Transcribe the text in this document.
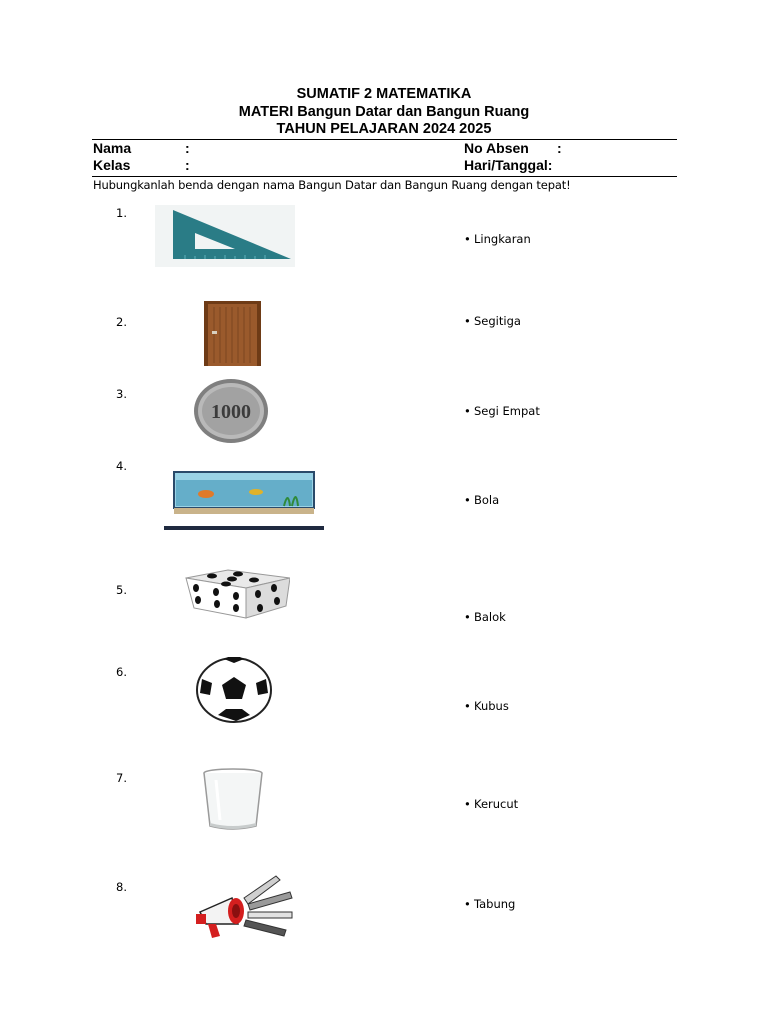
SUMATIF 2 MATEMATIKA
MATERI Bangun Datar dan Bangun Ruang
TAHUN PELAJARAN 2024 2025
Nama	:
Kelas	:
No Absen :
Hari/Tanggal:
Hubungkanlah benda dengan nama Bangun Datar dan Bangun Ruang dengan tepat!
1.
2.
3.
4.
5.
6.
7.
8.
1000
• Lingkaran
• Segitiga
• Segi Empat
• Bola
• Balok
• Kubus
• Kerucut
• Tabung
